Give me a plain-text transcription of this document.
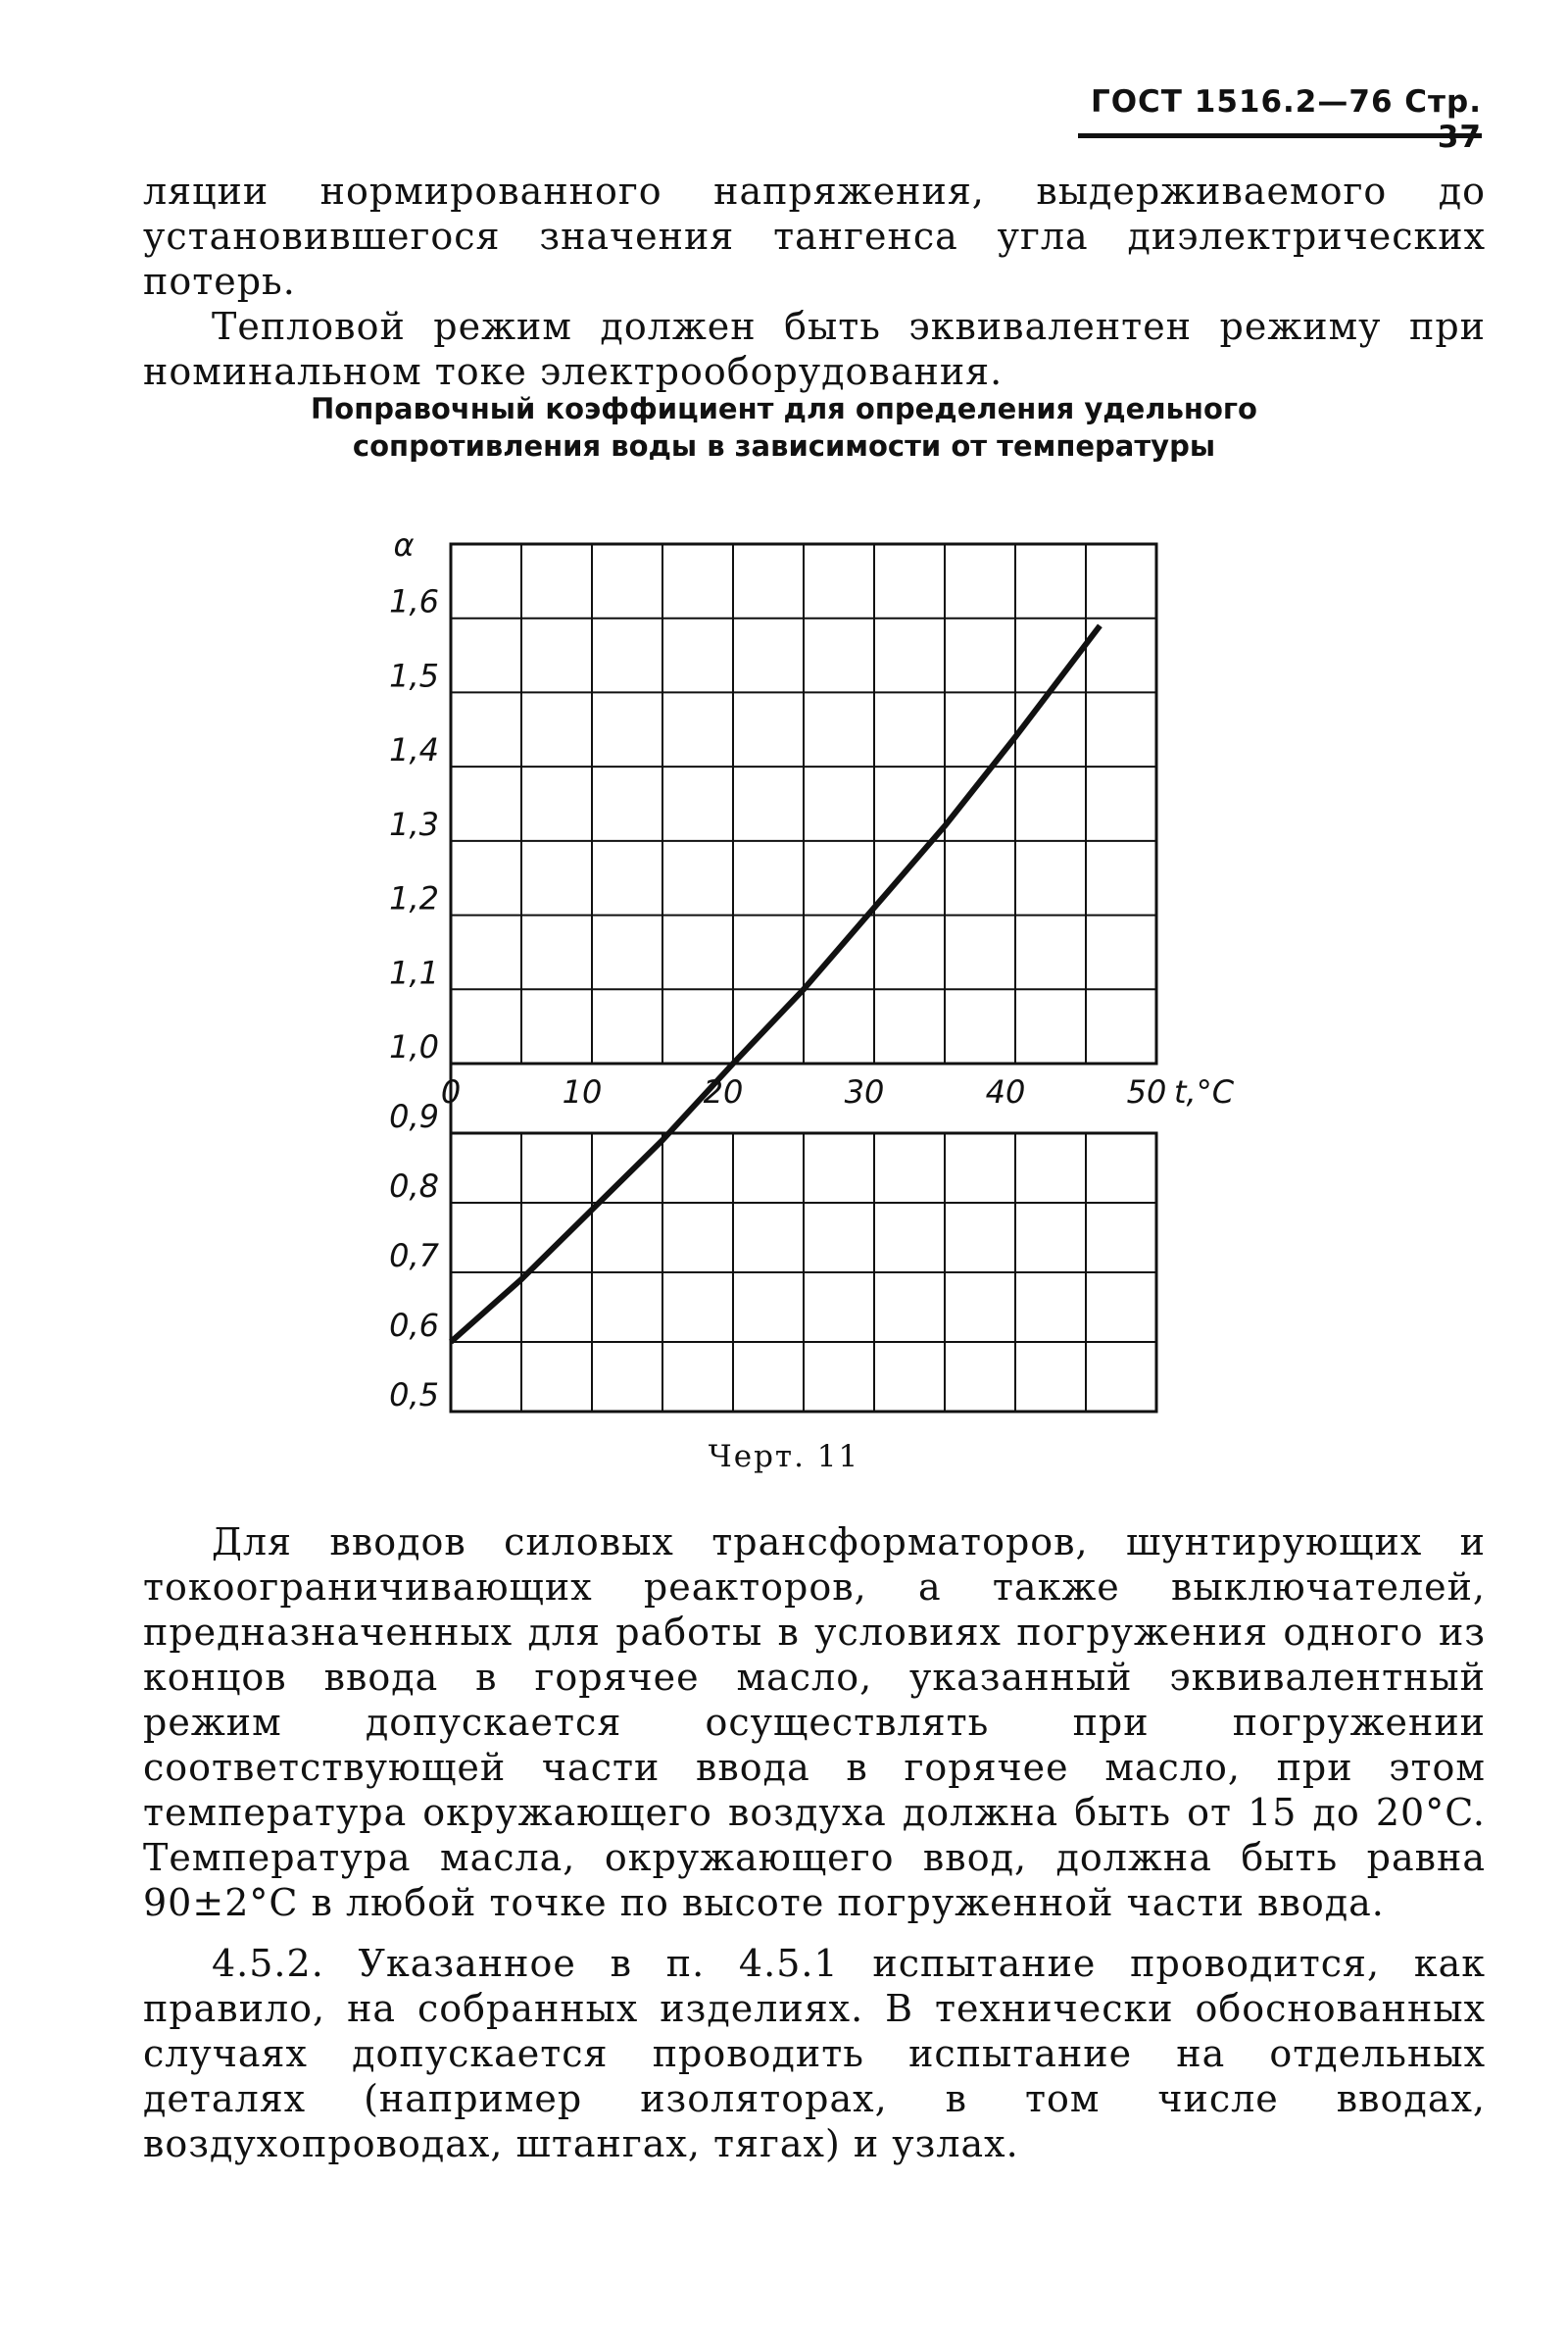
ГОСТ 1516.2—76 Стр. 37

ляции нормированного напряжения, выдерживаемого до установившегося значения тангенса угла диэлектрических потерь.

Тепловой режим должен быть эквивалентен режиму при номинальном токе электрооборудования.

Поправочный коэффициент для определения удельного
сопротивления воды в зависимости от температуры
1,6
1,5
1,4
1,3
1,2
1,1
1,0
0,9
0,8
0,7
0,6
0,5
α
0	10	20	30	40	50 t,°C
Черт. 11

Для вводов силовых трансформаторов, шунтирующих и токоограничивающих реакторов, а также выключателей, предназначенных для работы в условиях погружения одного из концов ввода в горячее масло, указанный эквивалентный режим допускается осуществлять при погружении соответствующей части ввода в горячее масло, при этом температура окружающего воздуха должна быть от 15 до 20°C. Температура масла, окружающего ввод, должна быть равна 90±2°C в любой точке по высоте погруженной части ввода.

4.5.2. Указанное в п. 4.5.1 испытание проводится, как правило, на собранных изделиях. В технически обоснованных случаях допускается проводить испытание на отдельных деталях (например изоляторах, в том числе вводах, воздухопроводах, штангах, тягах) и узлах.
